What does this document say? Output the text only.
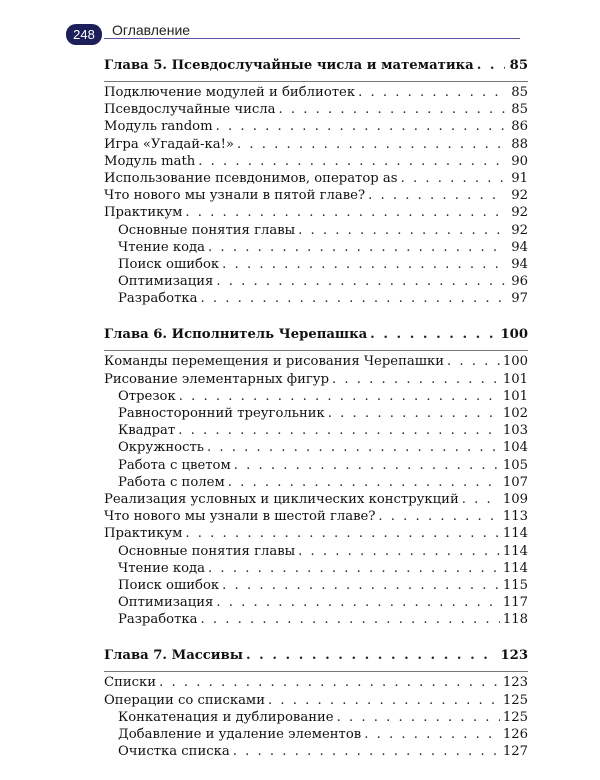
248	Оглавление
Глава 5. Псевдослучайные числа и математика . . .	85
Подключение модулей и библиотек . . .	85
Псевдослучайные числа . . .	85
Модуль random . . .	86
Игра «Угадай-ка!» . . .	88
Модуль math . . .	90
Использование псевдонимов, оператор as . . .	91
Что нового мы узнали в пятой главе? . . .	92
Практикум . . .	92
Основные понятия главы . . .	92
Чтение кода . . .	94
Поиск ошибок . . .	94
Оптимизация . . .	96
Разработка . . .	97
Глава 6. Исполнитель Черепашка . . .	100
Команды перемещения и рисования Черепашки . . .	100
Рисование элементарных фигур . . .	101
Отрезок . . .	101
Равносторонний треугольник . . .	102
Квадрат . . .	103
Окружность . . .	104
Работа с цветом . . .	105
Работа с полем . . .	107
Реализация условных и циклических конструкций . . .	109
Что нового мы узнали в шестой главе? . . .	113
Практикум . . .	114
Основные понятия главы . . .	114
Чтение кода . . .	114
Поиск ошибок . . .	115
Оптимизация . . .	117
Разработка . . .	118
Глава 7. Массивы . . .	123
Списки . . .	123
Операции со списками . . .	125
Конкатенация и дублирование . . .	125
Добавление и удаление элементов . . .	126
Очистка списка . . .	127
